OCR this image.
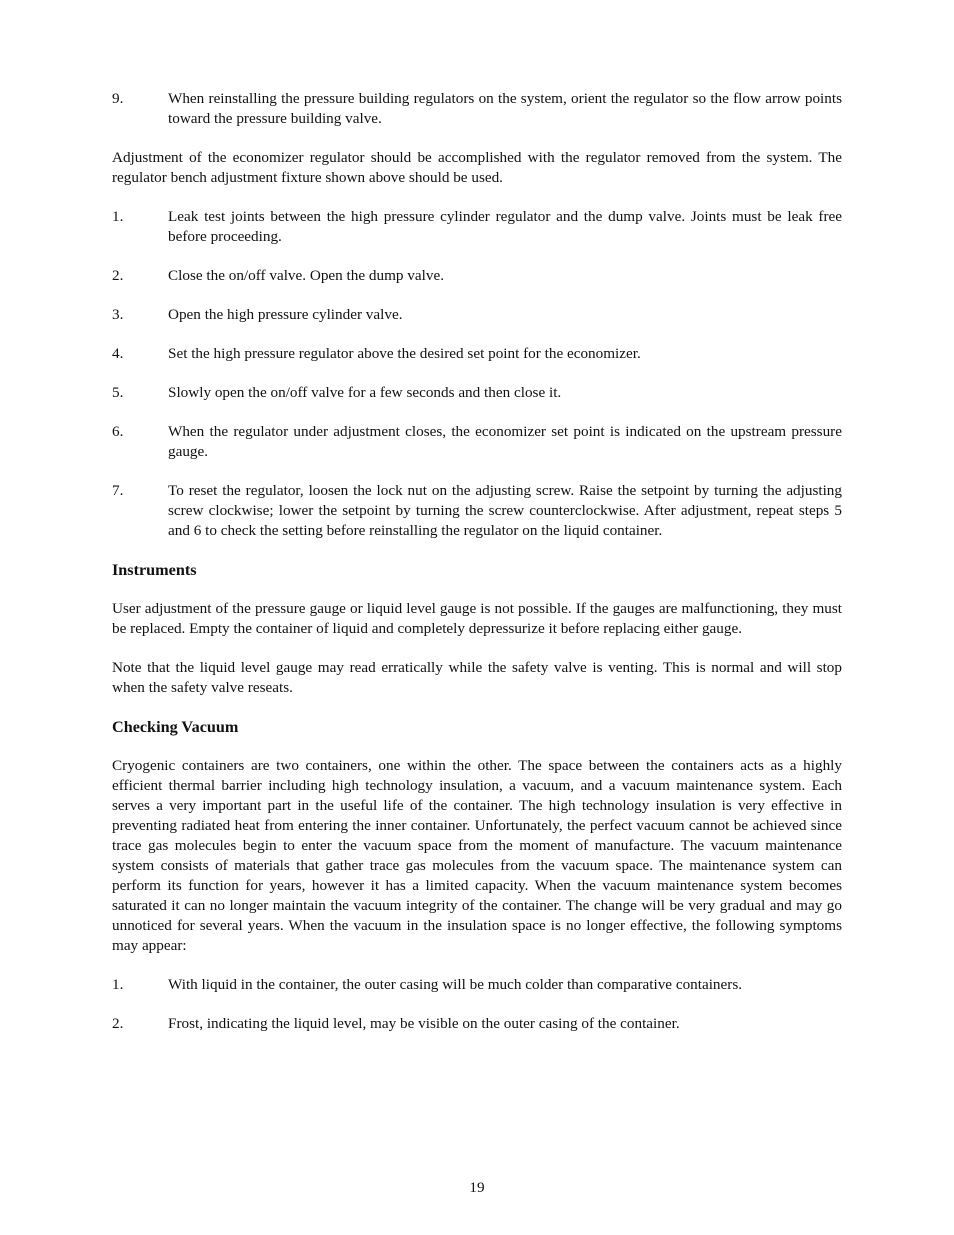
9.	When reinstalling the pressure building regulators on the system, orient the regulator so the flow arrow points toward the pressure building valve.

Adjustment of the economizer regulator should be accomplished with the regulator removed from the system. The regulator bench adjustment fixture shown above should be used.

1.	Leak test joints between the high pressure cylinder regulator and the dump valve. Joints must be leak free before proceeding.
2.	Close the on/off valve. Open the dump valve.
3.	Open the high pressure cylinder valve.
4.	Set the high pressure regulator above the desired set point for the economizer.
5.	Slowly open the on/off valve for a few seconds and then close it.
6.	When the regulator under adjustment closes, the economizer set point is indicated on the upstream pressure gauge.
7.	To reset the regulator, loosen the lock nut on the adjusting screw. Raise the setpoint by turning the adjusting screw clockwise; lower the setpoint by turning the screw counterclockwise. After adjustment, repeat steps 5 and 6 to check the setting before reinstalling the regulator on the liquid container.
Instruments

User adjustment of the pressure gauge or liquid level gauge is not possible. If the gauges are malfunctioning, they must be replaced. Empty the container of liquid and completely depressurize it before replacing either gauge.

Note that the liquid level gauge may read erratically while the safety valve is venting. This is normal and will stop when the safety valve reseats.

Checking Vacuum

Cryogenic containers are two containers, one within the other. The space between the containers acts as a highly efficient thermal barrier including high technology insulation, a vacuum, and a vacuum maintenance system. Each serves a very important part in the useful life of the container. The high technology insulation is very effective in preventing radiated heat from entering the inner container. Unfortunately, the perfect vacuum cannot be achieved since trace gas molecules begin to enter the vacuum space from the moment of manufacture. The vacuum maintenance system consists of materials that gather trace gas molecules from the vacuum space. The maintenance system can perform its function for years, however it has a limited capacity. When the vacuum maintenance system becomes saturated it can no longer maintain the vacuum integrity of the container. The change will be very gradual and may go unnoticed for several years. When the vacuum in the insulation space is no longer effective, the following symptoms may appear:

1.	With liquid in the container, the outer casing will be much colder than comparative containers.
2.	Frost, indicating the liquid level, may be visible on the outer casing of the container.
19
